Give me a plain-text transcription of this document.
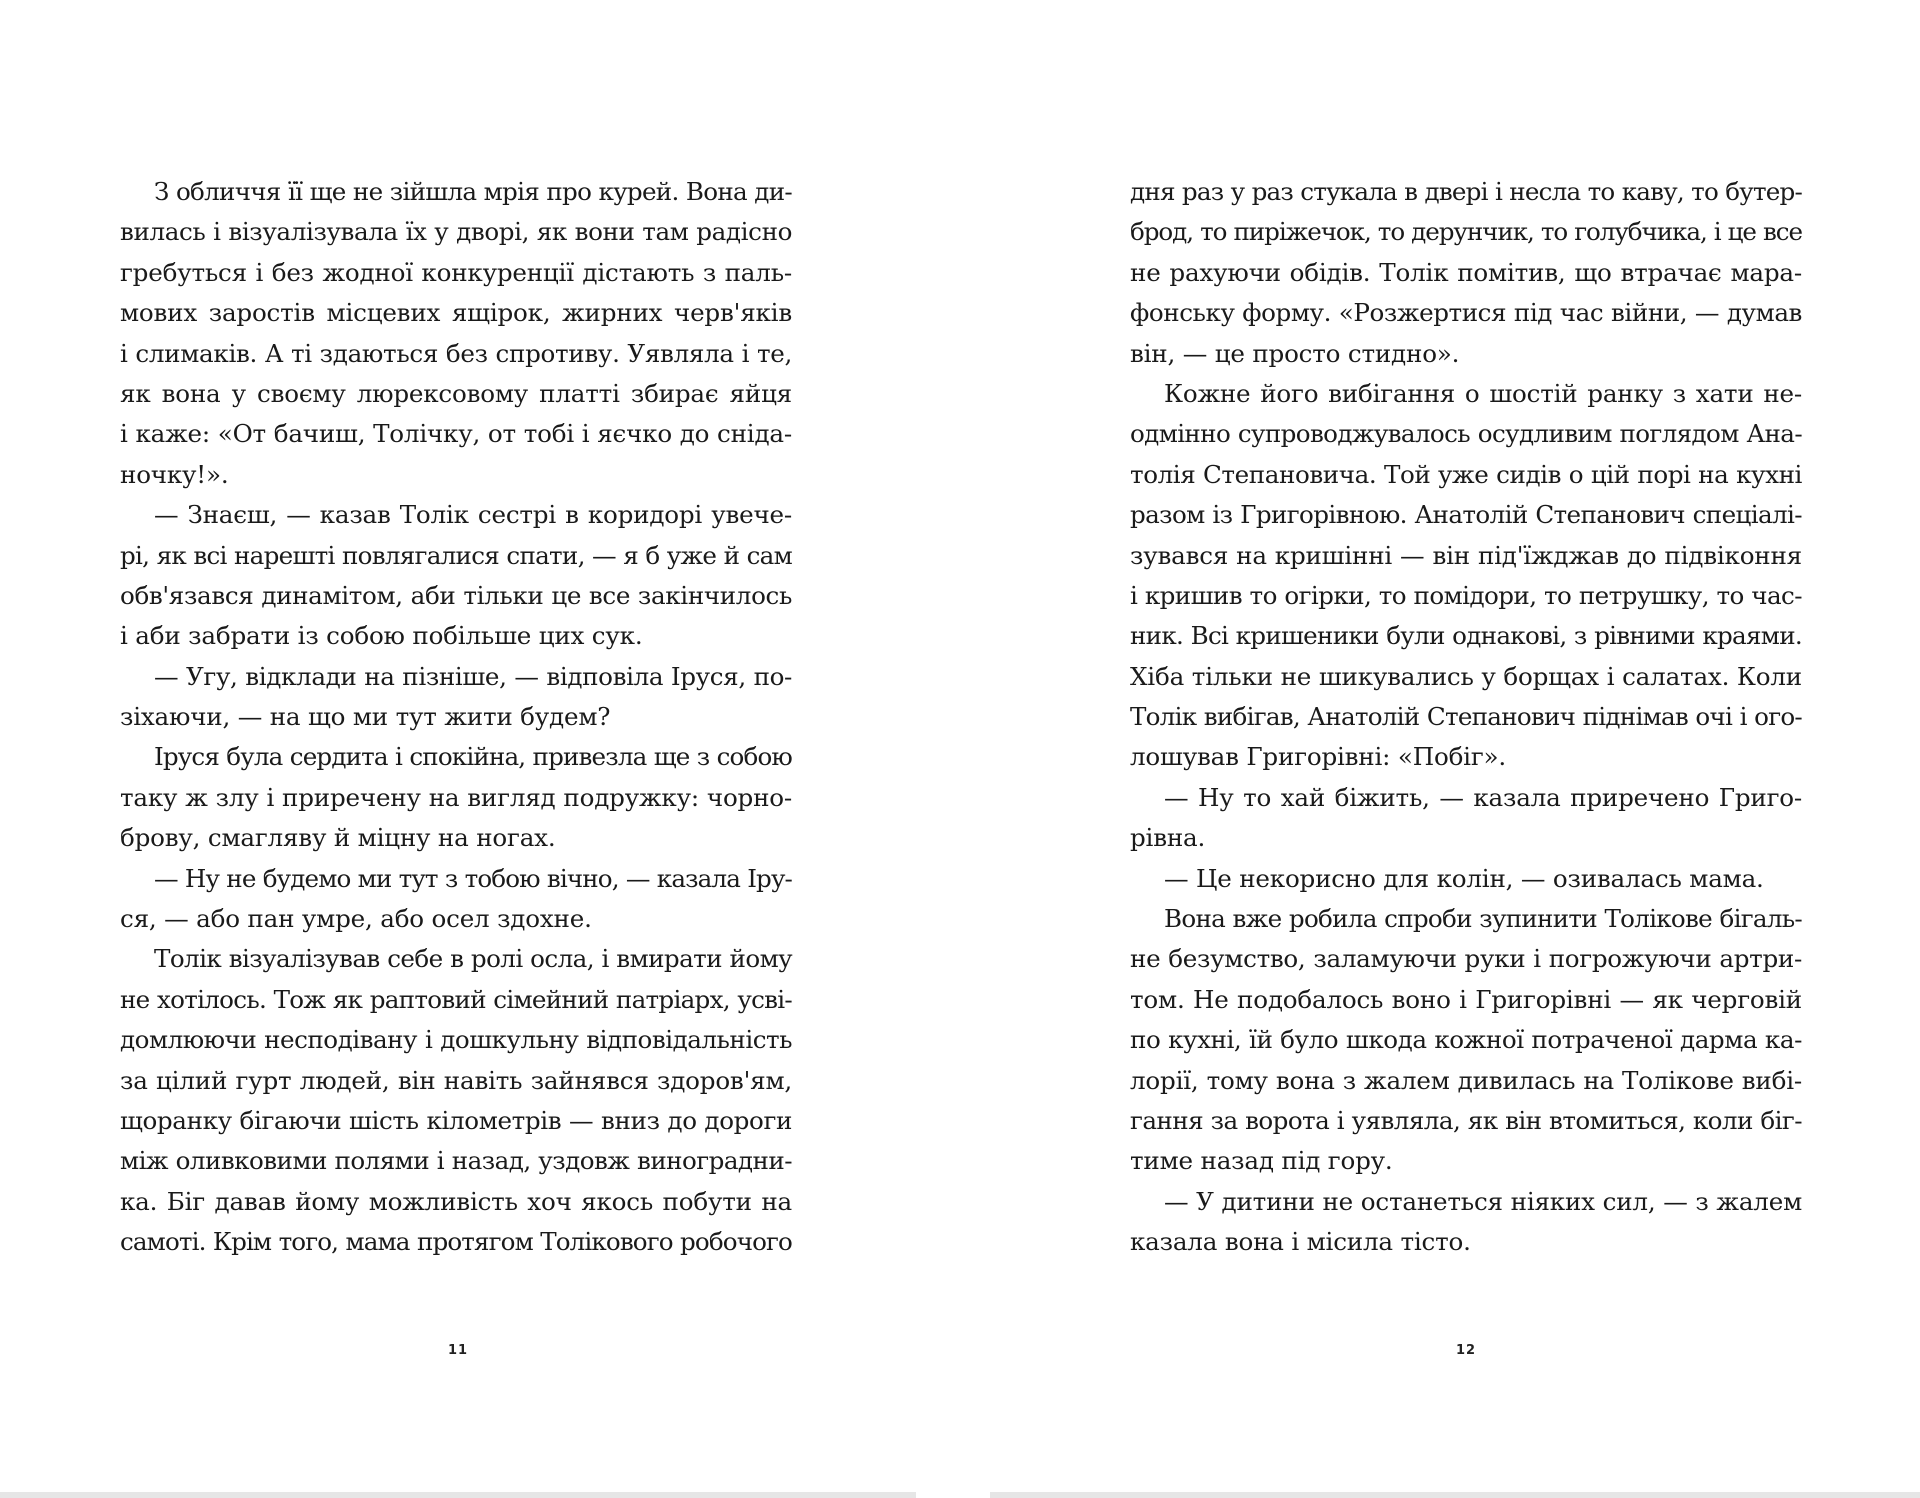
З обличчя її ще не зійшла мрія про курей. Вона ди-
вилась і візуалізувала їх у дворі, як вони там радісно
гребуться і без жодної конкуренції дістають з паль-
мових заростів місцевих ящірок, жирних черв'яків
і слимаків. А ті здаються без спротиву. Уявляла і те,
як вона у своєму люрексовому платті збирає яйця
і каже: «От бачиш, Толічку, от тобі і яєчко до сніда-
ночку!».
— Знаєш, — казав Толік сестрі в коридорі увече-
рі, як всі нарешті повлягалися спати, — я б уже й сам
обв'язався динамітом, аби тільки це все закінчилось
і аби забрати із собою побільше цих сук.
— Угу, відклади на пізніше, — відповіла Іруся, по-
зіхаючи, — на що ми тут жити будем?
Іруся була сердита і спокійна, привезла ще з собою
таку ж злу і приречену на вигляд подружку: чорно-
брову, смагляву й міцну на ногах.
— Ну не будемо ми тут з тобою вічно, — казала Іру-
ся, — або пан умре, або осел здохне.
Толік візуалізував себе в ролі осла, і вмирати йому
не хотілось. Тож як раптовий сімейний патріарх, усві-
домлюючи несподівану і дошкульну відповідальність
за цілий гурт людей, він навіть зайнявся здоров'ям,
щоранку бігаючи шість кілометрів — вниз до дороги
між оливковими полями і назад, уздовж виноградни-
ка. Біг давав йому можливість хоч якось побути на
самоті. Крім того, мама протягом Толікового робочого
11
дня раз у раз стукала в двері і несла то каву, то бутер-
брод, то пиріжечок, то дерунчик, то голубчика, і це все
не рахуючи обідів. Толік помітив, що втрачає мара-
фонську форму. «Розжертися під час війни, — думав
він, — це просто стидно».
Кожне його вибігання о шостій ранку з хати не-
одмінно супроводжувалось осудливим поглядом Ана-
толія Степановича. Той уже сидів о цій порі на кухні
разом із Григорівною. Анатолій Степанович спеціалі-
зувався на кришінні — він під'їжджав до підвіконня
і кришив то огірки, то помідори, то петрушку, то час-
ник. Всі кришеники були однакові, з рівними краями.
Хіба тільки не шикувались у борщах і салатах. Коли
Толік вибігав, Анатолій Степанович піднімав очі і ого-
лошував Григорівні: «Побіг».
— Ну то хай біжить, — казала приречено Григо-
рівна.
— Це некорисно для колін, — озивалась мама.
Вона вже робила спроби зупинити Толікове бігаль-
не безумство, заламуючи руки і погрожуючи артри-
том. Не подобалось воно і Григорівні — як черговій
по кухні, їй було шкода кожної потраченої дарма ка-
лорії, тому вона з жалем дивилась на Толікове вибі-
гання за ворота і уявляла, як він втомиться, коли біг-
тиме назад під гору.
— У дитини не останеться ніяких сил, — з жалем
казала вона і місила тісто.
12
